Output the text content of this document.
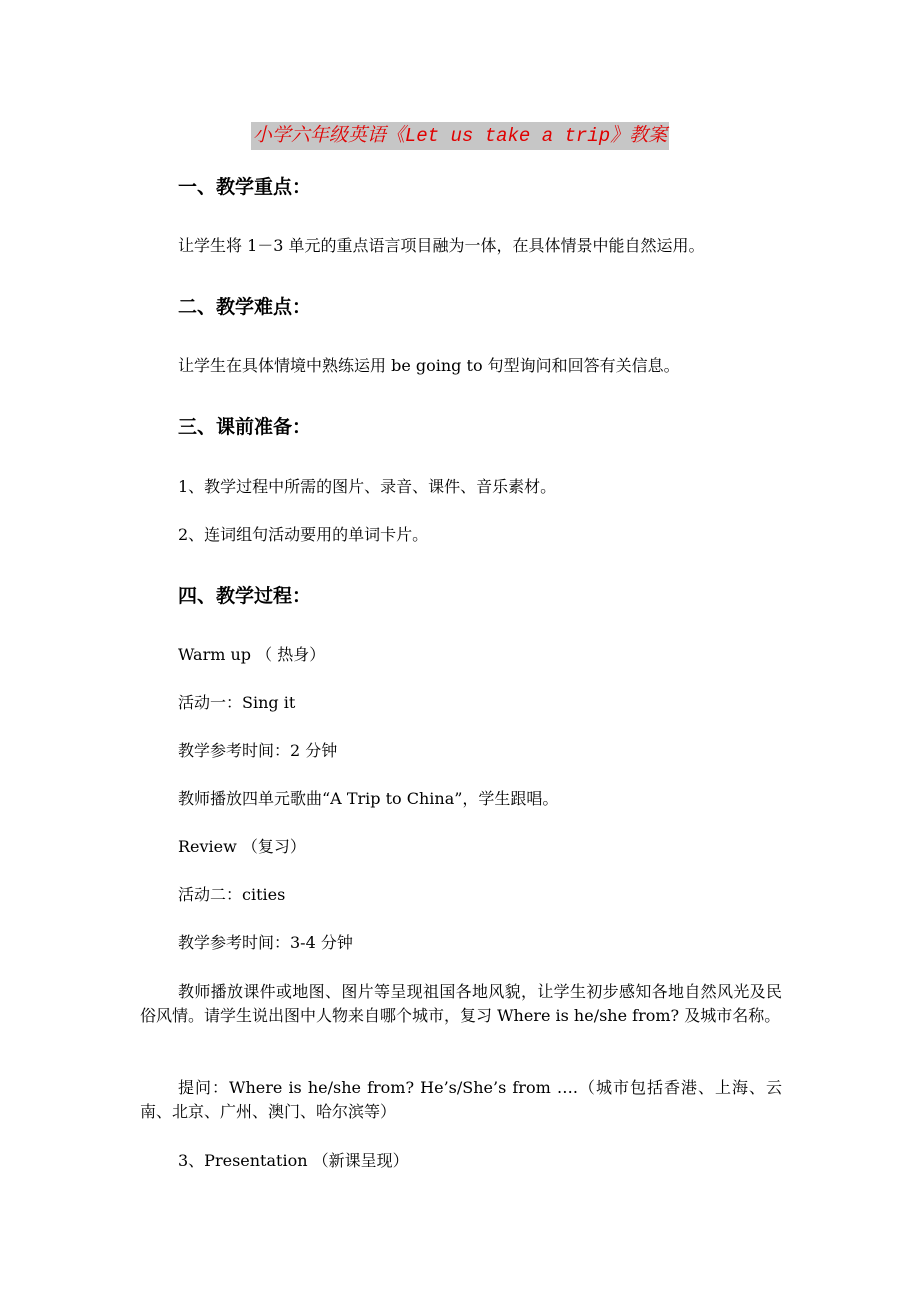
小学六年级英语《Let us take a trip》教案
一、教学重点：
让学生将 1－3 单元的重点语言项目融为一体，在具体情景中能自然运用。
二、教学难点：
让学生在具体情境中熟练运用 be going to 句型询问和回答有关信息。
三、课前准备：
1、教学过程中所需的图片、录音、课件、音乐素材。
2、连词组句活动要用的单词卡片。
四、教学过程：
Warm up （ 热身）
活动一：Sing it
教学参考时间：2 分钟
教师播放四单元歌曲“A Trip to China”，学生跟唱。
Review （复习）
活动二：cities
教学参考时间：3-4 分钟
教师播放课件或地图、图片等呈现祖国各地风貌，让学生初步感知各地自然风光及民俗风情。请学生说出图中人物来自哪个城市，复习 Where is he/she from? 及城市名称。
提问：Where is he/she from? He’s/She’s from ….（城市包括香港、上海、云南、北京、广州、澳门、哈尔滨等）
3、Presentation （新课呈现）
